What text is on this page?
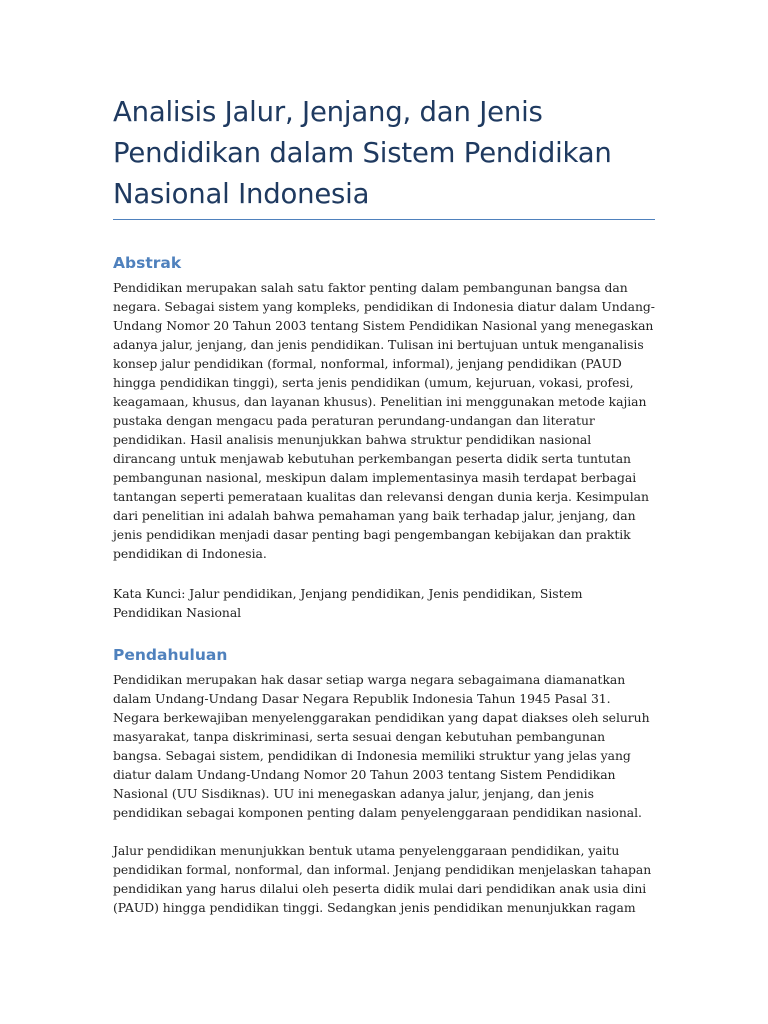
Analisis Jalur, Jenjang, dan Jenis Pendidikan dalam Sistem Pendidikan Nasional Indonesia
Abstrak

Pendidikan merupakan salah satu faktor penting dalam pembangunan bangsa dan negara. Sebagai sistem yang kompleks, pendidikan di Indonesia diatur dalam Undang-Undang Nomor 20 Tahun 2003 tentang Sistem Pendidikan Nasional yang menegaskan adanya jalur, jenjang, dan jenis pendidikan. Tulisan ini bertujuan untuk menganalisis konsep jalur pendidikan (formal, nonformal, informal), jenjang pendidikan (PAUD hingga pendidikan tinggi), serta jenis pendidikan (umum, kejuruan, vokasi, profesi, keagamaan, khusus, dan layanan khusus). Penelitian ini menggunakan metode kajian pustaka dengan mengacu pada peraturan perundang-undangan dan literatur pendidikan. Hasil analisis menunjukkan bahwa struktur pendidikan nasional dirancang untuk menjawab kebutuhan perkembangan peserta didik serta tuntutan pembangunan nasional, meskipun dalam implementasinya masih terdapat berbagai tantangan seperti pemerataan kualitas dan relevansi dengan dunia kerja. Kesimpulan dari penelitian ini adalah bahwa pemahaman yang baik terhadap jalur, jenjang, dan jenis pendidikan menjadi dasar penting bagi pengembangan kebijakan dan praktik pendidikan di Indonesia.

Kata Kunci: Jalur pendidikan, Jenjang pendidikan, Jenis pendidikan, Sistem Pendidikan Nasional

Pendahuluan

Pendidikan merupakan hak dasar setiap warga negara sebagaimana diamanatkan dalam Undang-Undang Dasar Negara Republik Indonesia Tahun 1945 Pasal 31. Negara berkewajiban menyelenggarakan pendidikan yang dapat diakses oleh seluruh masyarakat, tanpa diskriminasi, serta sesuai dengan kebutuhan pembangunan bangsa. Sebagai sistem, pendidikan di Indonesia memiliki struktur yang jelas yang diatur dalam Undang-Undang Nomor 20 Tahun 2003 tentang Sistem Pendidikan Nasional (UU Sisdiknas). UU ini menegaskan adanya jalur, jenjang, dan jenis pendidikan sebagai komponen penting dalam penyelenggaraan pendidikan nasional.

Jalur pendidikan menunjukkan bentuk utama penyelenggaraan pendidikan, yaitu pendidikan formal, nonformal, dan informal. Jenjang pendidikan menjelaskan tahapan pendidikan yang harus dilalui oleh peserta didik mulai dari pendidikan anak usia dini (PAUD) hingga pendidikan tinggi. Sedangkan jenis pendidikan menunjukkan ragam
